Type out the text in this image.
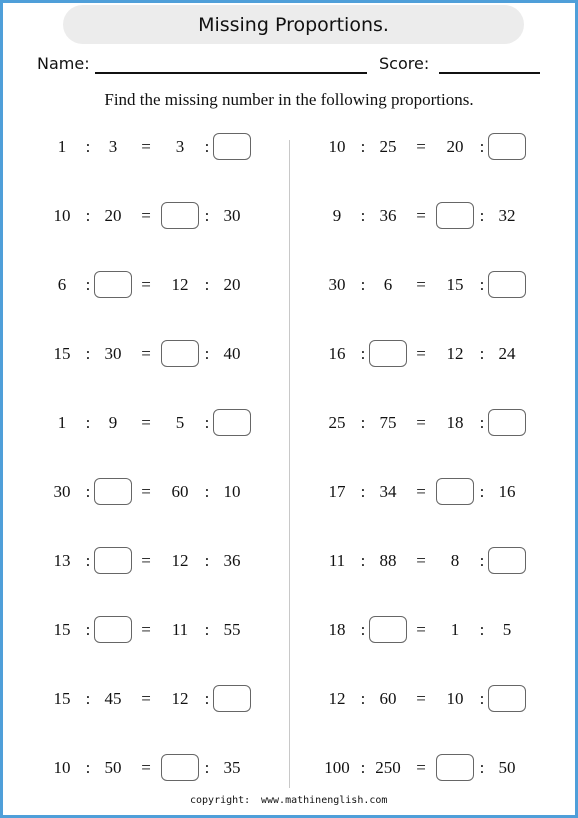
Missing Proportions.
Name:	Score:
Find the missing number in the following proportions.
1	:	3	=	3	:
10 : 20	=	: 30
6	:	=	12 : 20
15 : 30	=	: 40
1	:	9	=	5	:
30 :	=	60 : 10
13 :	=	12 : 36
15 :	=	11 : 55
15 : 45	=	12 :
10 : 50	=	: 35
10 : 25	=	20 :
9	: 36	=	: 32
30 :	6	=	15 :
16 :	=	12 : 24
25 : 75	=	18 :
17 : 34	=	: 16
11 : 88	=	8	:
18 :	=	1	:	5
12 : 60	=	10 :
100 : 250 =	: 50
copyright: www.mathinenglish.com
